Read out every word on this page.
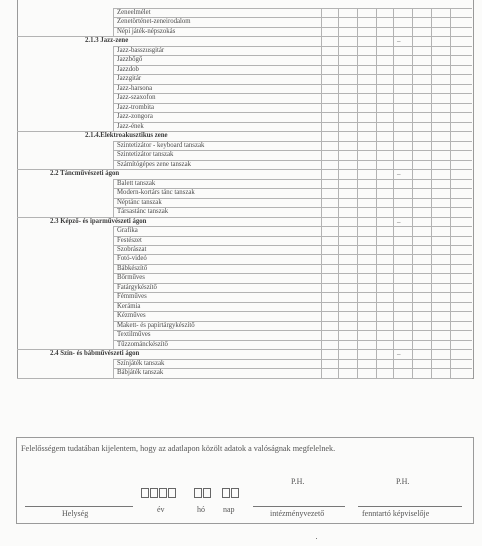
Zeneelmélet
Zenetörténet-zeneirodalom
Népi játék-népszokás
2.1.3 Jazz-zene	–
Jazz-basszusgitár
Jazzbőgő
Jazzdob
Jazzgitár
Jazz-harsona
Jazz-szaxofon
Jazz-trombita
Jazz-zongora
Jazz-ének
2.1.4.Elektroakusztikus zene
Szintetizátor - keyboard tanszak
Szintetizátor tanszak
Számítógépes zene tanszak
2.2 Táncművészeti ágon	–
Balett tanszak
Modern-kortárs tánc tanszak
Néptánc tanszak
Társastánc tanszak
2.3 Képző- és iparművészeti ágon	–
Grafika
Festészet
Szobrászat
Fotó-videó
Bábkészítő
Bőrműves
Fatárgykészítő
Fémműves
Kerámia
Kézműves
Makett- és papírtárgykészítő
Textilműves
Tűzzománckészítő
2.4 Szín- és bábművészeti ágon	–
Színjáték tanszak
Bábjáték tanszak
Felelősségem tudatában kijelentem, hogy az adatlapon közölt adatok a valóságnak megfelelnek.
P.H.	P.H.
Helység	év	hó nap	intézményvezető	fenntartó képviselője
